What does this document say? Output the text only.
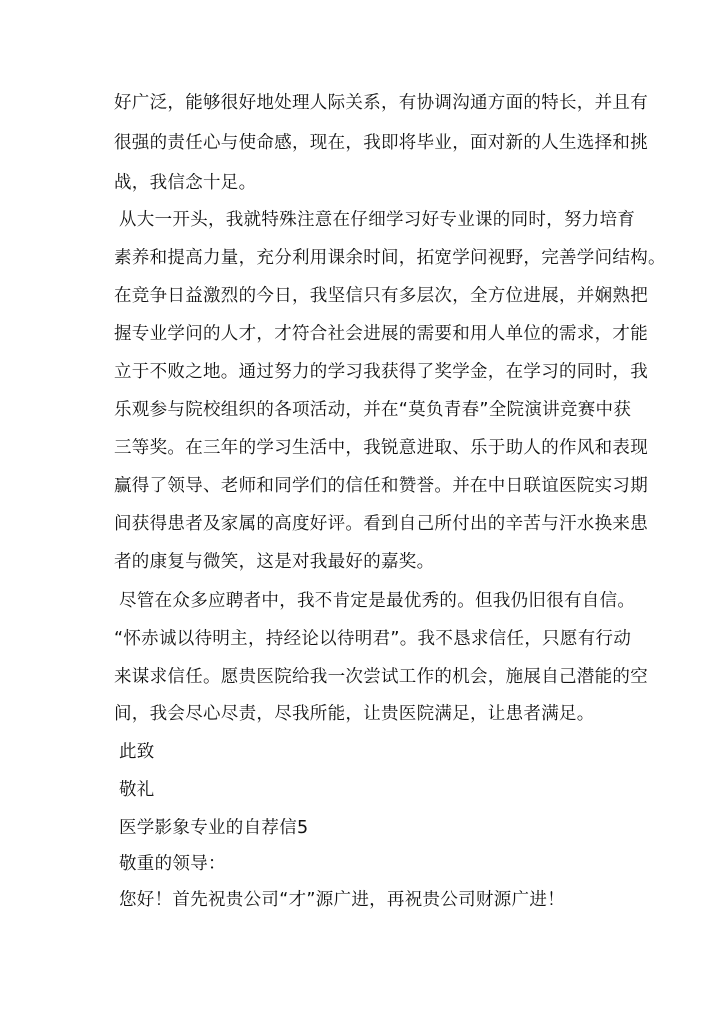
好广泛，能够很好地处理人际关系，有协调沟通方面的特长，并且有
很强的责任心与使命感，现在，我即将毕业，面对新的人生选择和挑
战，我信念十足。
从大一开头，我就特殊注意在仔细学习好专业课的同时，努力培育
素养和提高力量，充分利用课余时间，拓宽学问视野，完善学问结构。
在竞争日益激烈的今日，我坚信只有多层次，全方位进展，并娴熟把
握专业学问的人才，才符合社会进展的需要和用人单位的需求，才能
立于不败之地。通过努力的学习我获得了奖学金，在学习的同时，我
乐观参与院校组织的各项活动，并在“莫负青春”全院演讲竞赛中获
三等奖。在三年的学习生活中，我锐意进取、乐于助人的作风和表现
赢得了领导、老师和同学们的信任和赞誉。并在中日联谊医院实习期
间获得患者及家属的高度好评。看到自己所付出的辛苦与汗水换来患
者的康复与微笑，这是对我最好的嘉奖。
尽管在众多应聘者中，我不肯定是最优秀的。但我仍旧很有自信。
“怀赤诚以待明主，持经论以待明君”。我不恳求信任，只愿有行动
来谋求信任。愿贵医院给我一次尝试工作的机会，施展自己潜能的空
间，我会尽心尽责，尽我所能，让贵医院满足，让患者满足。
此致
敬礼
医学影象专业的自荐信5
敬重的领导：
您好！首先祝贵公司“才”源广进，再祝贵公司财源广进！
